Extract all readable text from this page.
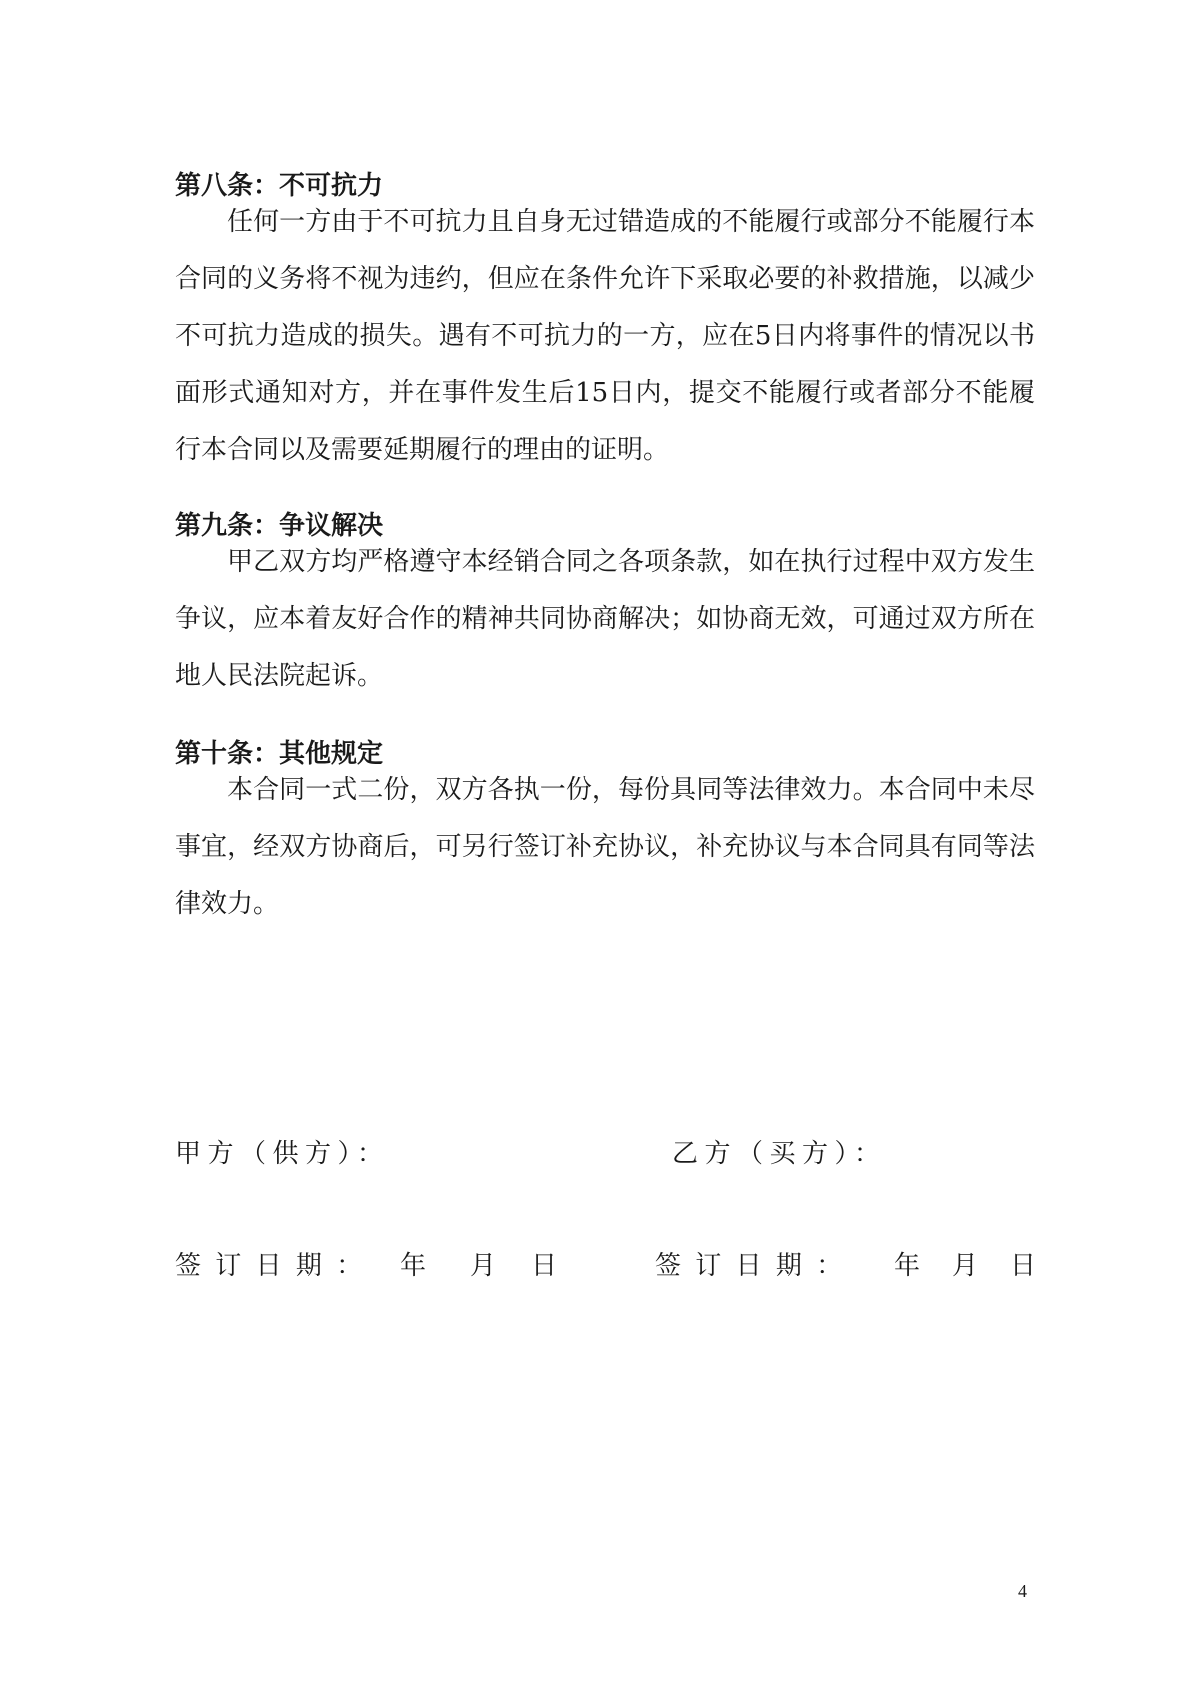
第八条：不可抗力
任何一方由于不可抗力且自身无过错造成的不能履行或部分不能履行本合同的义务将不视为违约，但应在条件允许下采取必要的补救措施，以减少不可抗力造成的损失。遇有不可抗力的一方，应在5日内将事件的情况以书面形式通知对方，并在事件发生后15日内，提交不能履行或者部分不能履行本合同以及需要延期履行的理由的证明。
第九条：争议解决
甲乙双方均严格遵守本经销合同之各项条款，如在执行过程中双方发生争议，应本着友好合作的精神共同协商解决；如协商无效，可通过双方所在地人民法院起诉。
第十条：其他规定
本合同一式二份，双方各执一份，每份具同等法律效力。本合同中未尽事宜，经双方协商后，可另行签订补充协议，补充协议与本合同具有同等法律效力。
甲方（供方）：	乙方（买方）：
签订日期： 年 月 日	签订日期： 年 月 日
4
